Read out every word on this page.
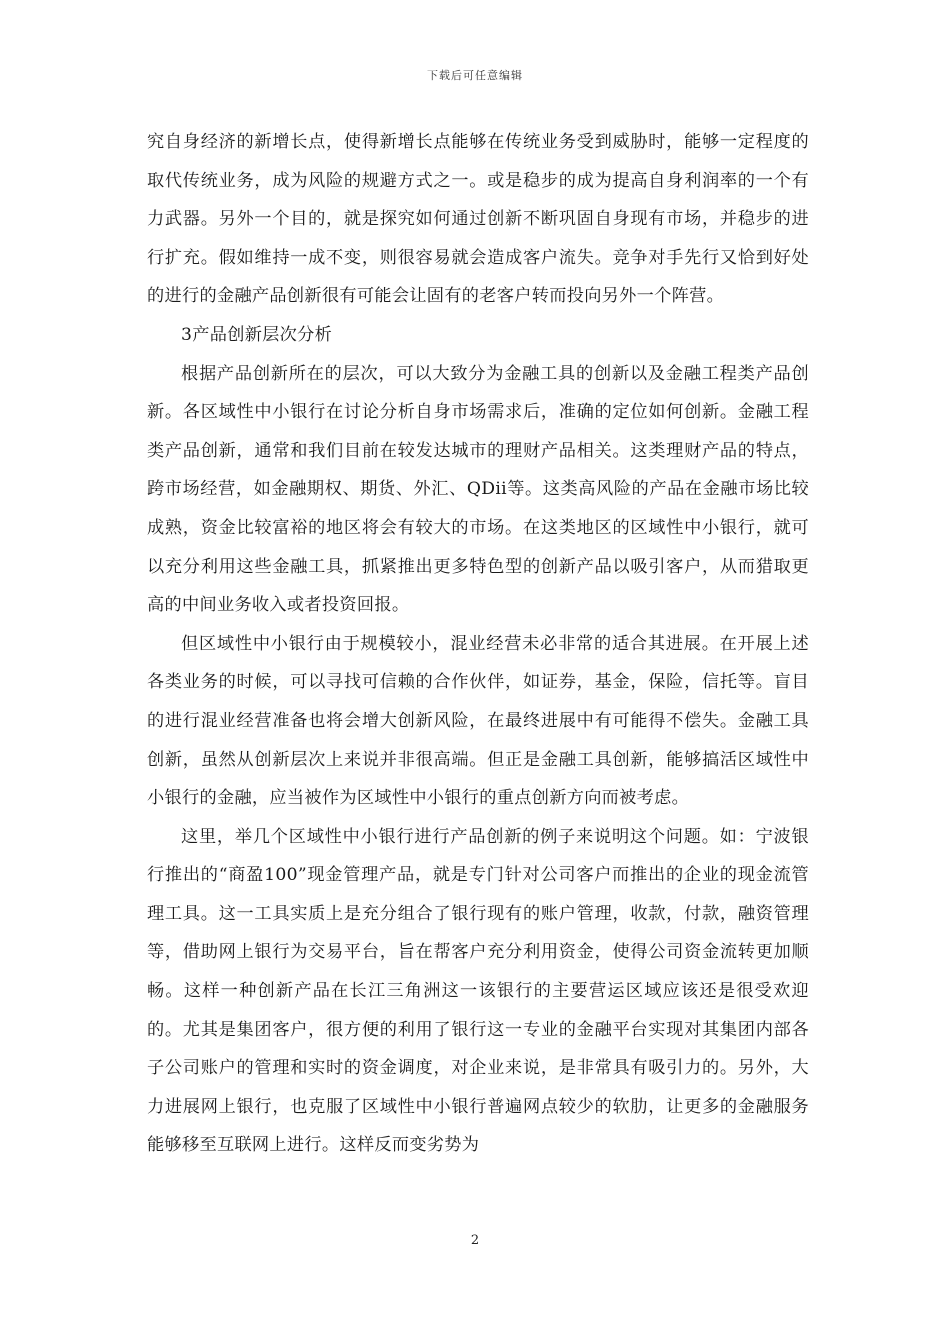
下载后可任意编辑

究自身经济的新增长点，使得新增长点能够在传统业务受到威胁时，能够一定程度的取代传统业务，成为风险的规避方式之一。或是稳步的成为提高自身利润率的一个有力武器。另外一个目的，就是探究如何通过创新不断巩固自身现有市场，并稳步的进行扩充。假如维持一成不变，则很容易就会造成客户流失。竞争对手先行又恰到好处的进行的金融产品创新很有可能会让固有的老客户转而投向另外一个阵营。

3产品创新层次分析

根据产品创新所在的层次，可以大致分为金融工具的创新以及金融工程类产品创新。各区域性中小银行在讨论分析自身市场需求后，准确的定位如何创新。金融工程类产品创新，通常和我们目前在较发达城市的理财产品相关。这类理财产品的特点，跨市场经营，如金融期权、期货、外汇、QDii等。这类高风险的产品在金融市场比较成熟，资金比较富裕的地区将会有较大的市场。在这类地区的区域性中小银行，就可以充分利用这些金融工具，抓紧推出更多特色型的创新产品以吸引客户，从而猎取更高的中间业务收入或者投资回报。

但区域性中小银行由于规模较小，混业经营未必非常的适合其进展。在开展上述各类业务的时候，可以寻找可信赖的合作伙伴，如证券，基金，保险，信托等。盲目的进行混业经营准备也将会增大创新风险，在最终进展中有可能得不偿失。金融工具创新，虽然从创新层次上来说并非很高端。但正是金融工具创新，能够搞活区域性中小银行的金融，应当被作为区域性中小银行的重点创新方向而被考虑。

这里，举几个区域性中小银行进行产品创新的例子来说明这个问题。如：宁波银行推出的“商盈100”现金管理产品，就是专门针对公司客户而推出的企业的现金流管理工具。这一工具实质上是充分组合了银行现有的账户管理，收款，付款，融资管理等，借助网上银行为交易平台，旨在帮客户充分利用资金，使得公司资金流转更加顺畅。这样一种创新产品在长江三角洲这一该银行的主要营运区域应该还是很受欢迎的。尤其是集团客户，很方便的利用了银行这一专业的金融平台实现对其集团内部各子公司账户的管理和实时的资金调度，对企业来说，是非常具有吸引力的。另外，大力进展网上银行，也克服了区域性中小银行普遍网点较少的软肋，让更多的金融服务能够移至互联网上进行。这样反而变劣势为

2
